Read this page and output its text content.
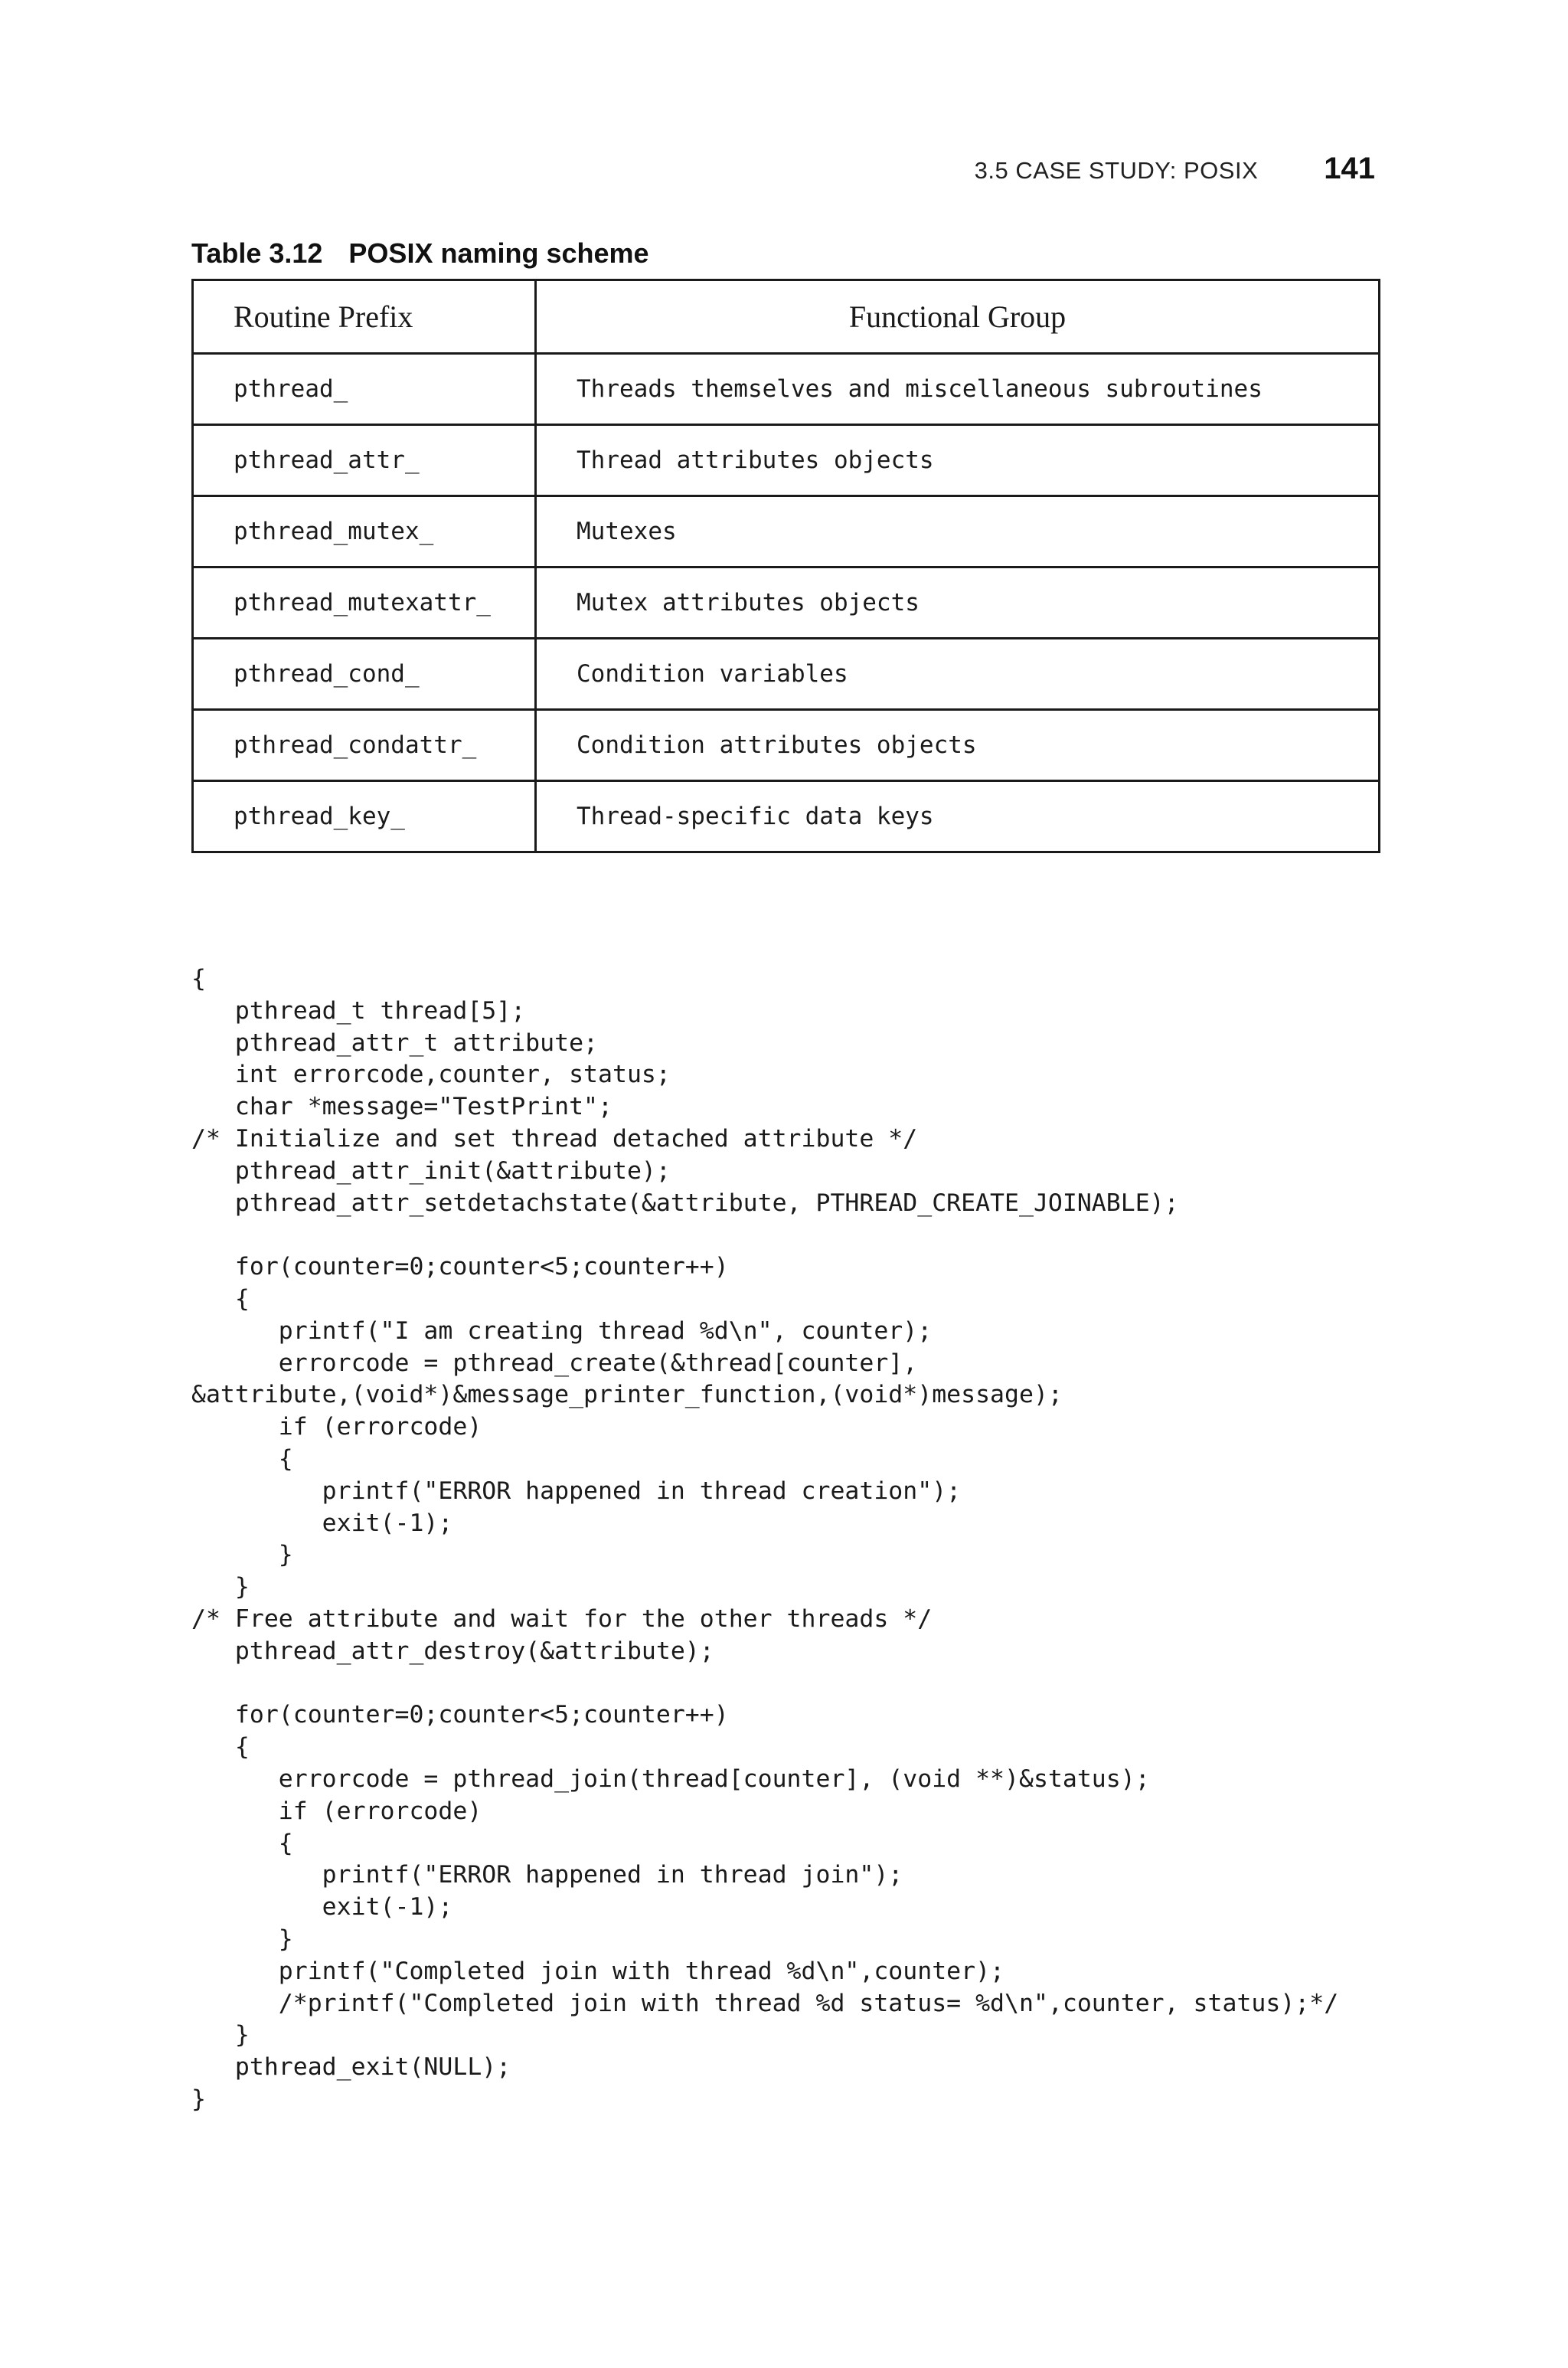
3.5 CASE STUDY: POSIX 141
Table 3.12 POSIX naming scheme
Routine Prefix	Functional Group
pthread_	Threads themselves and miscellaneous subroutines
pthread_attr_	Thread attributes objects
pthread_mutex_	Mutexes
pthread_mutexattr_	Mutex attributes objects
pthread_cond_	Condition variables
pthread_condattr_	Condition attributes objects
pthread_key_	Thread-specific data keys
{
pthread_t thread[5];
pthread_attr_t attribute;
int errorcode,counter, status;
char *message="TestPrint";
/* Initialize and set thread detached attribute */
pthread_attr_init(&attribute);
pthread_attr_setdetachstate(&attribute, PTHREAD_CREATE_JOINABLE);

for(counter=0;counter<5;counter++)
{
printf("I am creating thread %d\n", counter);
errorcode = pthread_create(&thread[counter],
&attribute,(void*)&message_printer_function,(void*)message);
if (errorcode)
{
printf("ERROR happened in thread creation");
exit(-1);
}
}
/* Free attribute and wait for the other threads */
pthread_attr_destroy(&attribute);

for(counter=0;counter<5;counter++)
{
errorcode = pthread_join(thread[counter], (void **)&status);
if (errorcode)
{
printf("ERROR happened in thread join");
exit(-1);
}
printf("Completed join with thread %d\n",counter);
/*printf("Completed join with thread %d status= %d\n",counter, status);*/
}
pthread_exit(NULL);
}
